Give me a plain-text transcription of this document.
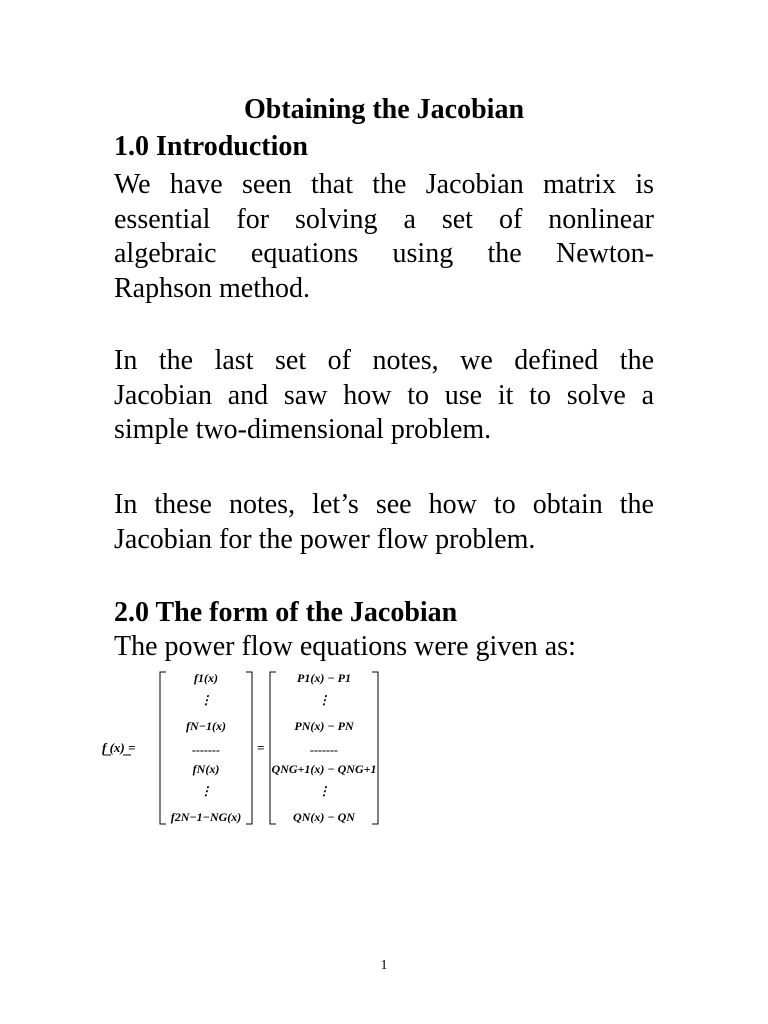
Obtaining the Jacobian
1.0 Introduction
We have seen that the Jacobian matrix is
essential for solving a set of nonlinear
algebraic equations using the Newton-
Raphson method.
In the last set of notes, we defined the
Jacobian and saw how to use it to solve a
simple two-dimensional problem.
In these notes, let’s see how to obtain the
Jacobian for the power flow problem.
2.0 The form of the Jacobian
The power flow equations were given as:
f (x) =
f1(x)
⋮
fN−1(x)
-------
fN(x)
⋮
f2N−1−NG(x)
=
P1(x) − P1
⋮
PN(x) − PN
-------
QNG+1(x) − QNG+1
⋮
QN(x) − QN
1
